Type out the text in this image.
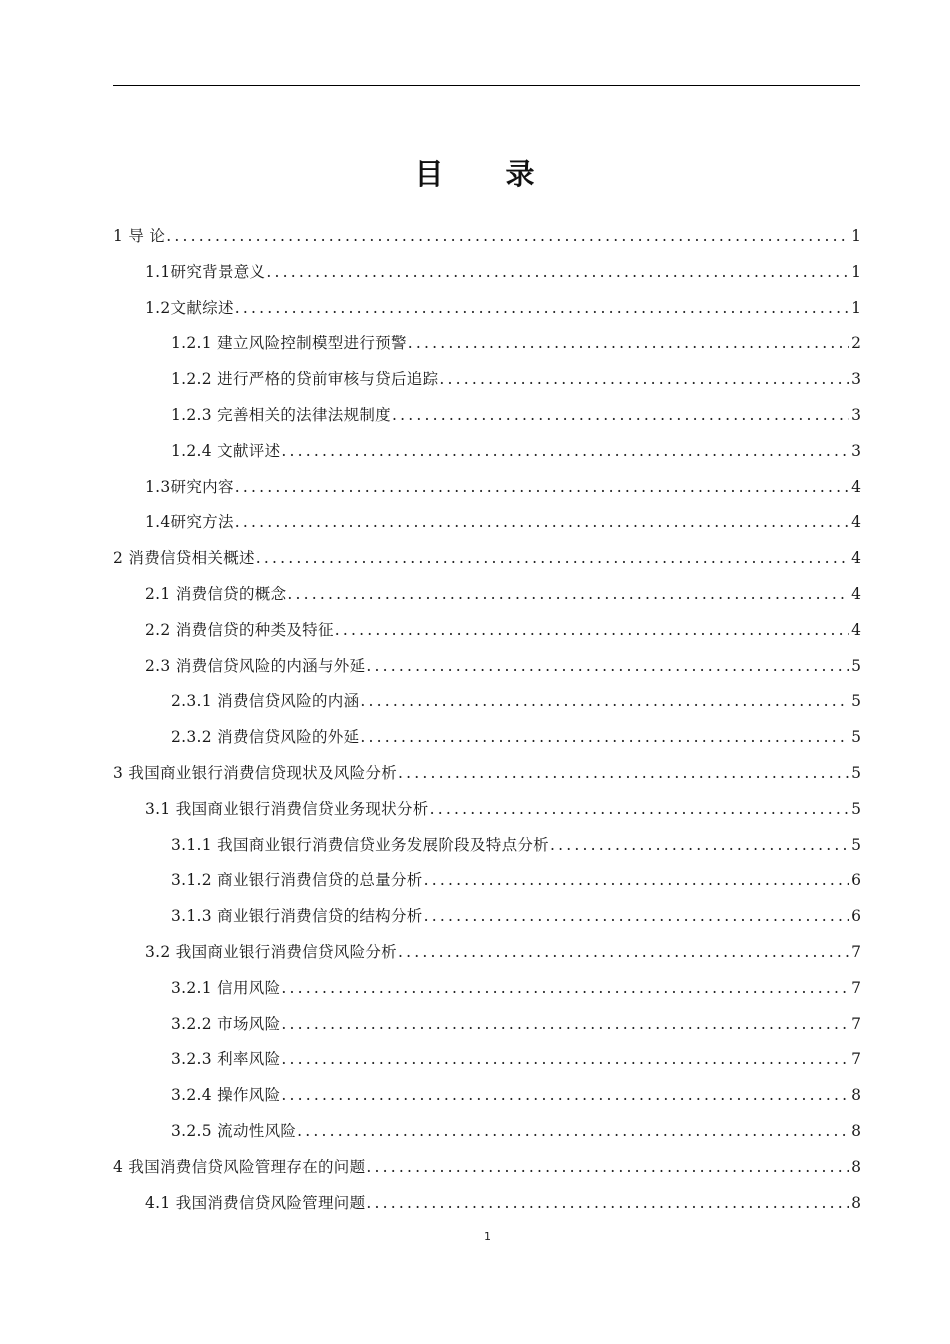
目 录
1 导 论 .....	1
1.1研究背景意义 .....	1
1.2文献综述 .....	1
1.2.1 建立风险控制模型进行预警 .....	2
1.2.2 进行严格的贷前审核与贷后追踪 .....	3
1.2.3 完善相关的法律法规制度 .....	3
1.2.4 文献评述 .....	3
1.3研究内容 .....	4
1.4研究方法 .....	4
2 消费信贷相关概述 .....	4
2.1 消费信贷的概念 .....	4
2.2 消费信贷的种类及特征 .....	4
2.3 消费信贷风险的内涵与外延 .....	5
2.3.1 消费信贷风险的内涵 .....	5
2.3.2 消费信贷风险的外延 .....	5
3 我国商业银行消费信贷现状及风险分析 .....	5
3.1 我国商业银行消费信贷业务现状分析 .....	5
3.1.1 我国商业银行消费信贷业务发展阶段及特点分析 .....	5
3.1.2 商业银行消费信贷的总量分析 .....	6
3.1.3 商业银行消费信贷的结构分析 .....	6
3.2 我国商业银行消费信贷风险分析 .....	7
3.2.1 信用风险 .....	7
3.2.2 市场风险 .....	7
3.2.3 利率风险 .....	7
3.2.4 操作风险 .....	8
3.2.5 流动性风险 .....	8
4 我国消费信贷风险管理存在的问题 .....	8
4.1 我国消费信贷风险管理问题 .....	8
1
